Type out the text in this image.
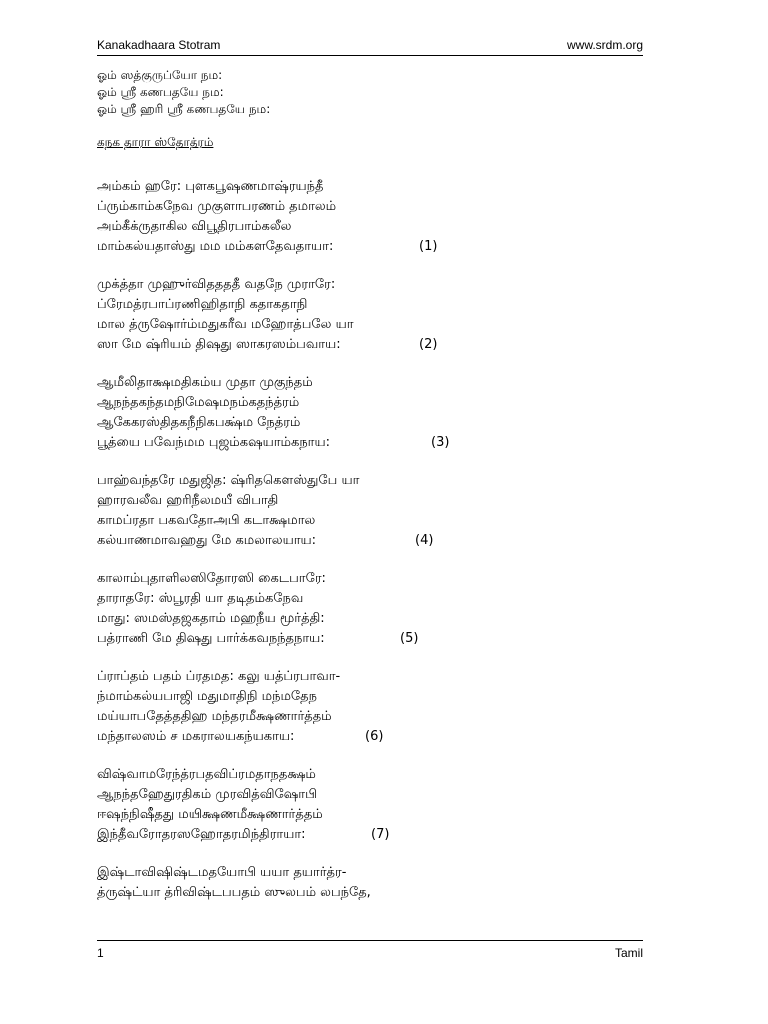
Kanakadhaara Stotram	www.srdm.org
ஓம் ஸத்குருப்யோ நம:
ஓம் ஸ்ரீ கணபதயே நம:
ஓம் ஸ்ரீ ஹரி ஸ்ரீ கணபதயே நம:
கநக தாரா ஸ்தோத்ரம்
அம்கம் ஹரே: புளகபூஷணமாஷ்ரயந்தீ
ப்ரும்காம்கநேவ முகுளாபரணம் தமாலம்
அம்கீக்ருதாகில விபூதிரபாம்கலீல
மாம்கல்யதாஸ்து மம மம்களதேவதாயா:	(1)
முக்த்தா முஹுர்விததததீ வதநே முராரே:
ப்ரேமத்ரபாப்ரணிஹிதாநி கதாகதாநி
மால த்ருஷோர்ம்மதுகரீவ மஹோத்பலே யா
ஸா மே ஷ்ரியம் திஷது ஸாகரஸம்பவாய:	(2)
ஆமீலிதாக்ஷமதிகம்ய முதா முகுந்தம்
ஆநந்தகந்தமநிமேஷமநம்கதந்த்ரம்
ஆகேகரஸ்திதகநீநிகபக்ஷ்ம நேத்ரம்
பூத்யை பவேந்மம புஜம்கஷயாம்கநாய:	(3)
பாஹ்வந்தரே மதுஜித: ஷ்ரிதகௌஸ்துபே யா
ஹாரவலீவ ஹரிநீலமயீ விபாதி
காமப்ரதா பகவதோஅபி கடாக்ஷமால
கல்யாணமாவஹது மே கமலாலயாய:	(4)
காலாம்புதாளிலஸிதோரஸி கைடபாரே:
தாராதரே: ஸ்பூரதி யா தடிதம்கநேவ
மாது: ஸமஸ்தஜகதாம் மஹநீய மூர்த்தி:
பத்ராணி மே திஷது பார்க்கவநந்தநாய:	(5)
ப்ராப்தம் பதம் ப்ரதமத: கலு யத்ப்ரபாவா-
ந்மாம்கல்யபாஜி மதுமாதிநி மந்மதேந
மய்யாபதேத்ததிஹ மந்தரமீக்ஷணார்த்தம்
மந்தாலஸம் ச மகராலயகந்யகாய:	(6)
விஷ்வாமரேந்த்ரபதவிப்ரமதாநதக்ஷம்
ஆநந்தஹேதுரதிகம் முரவித்விஷோபி
ஈஷந்நிஷீதது மயிக்ஷணமீக்ஷணார்த்தம்
இந்தீவரோதரஸஹோதரமிந்திராயா:	(7)
இஷ்டாவிஷிஷ்டமதயோபி யயா தயார்த்ர-
த்ருஷ்ட்யா த்ரிவிஷ்டபபதம் ஸுலபம் லபந்தே,
1	Tamil
